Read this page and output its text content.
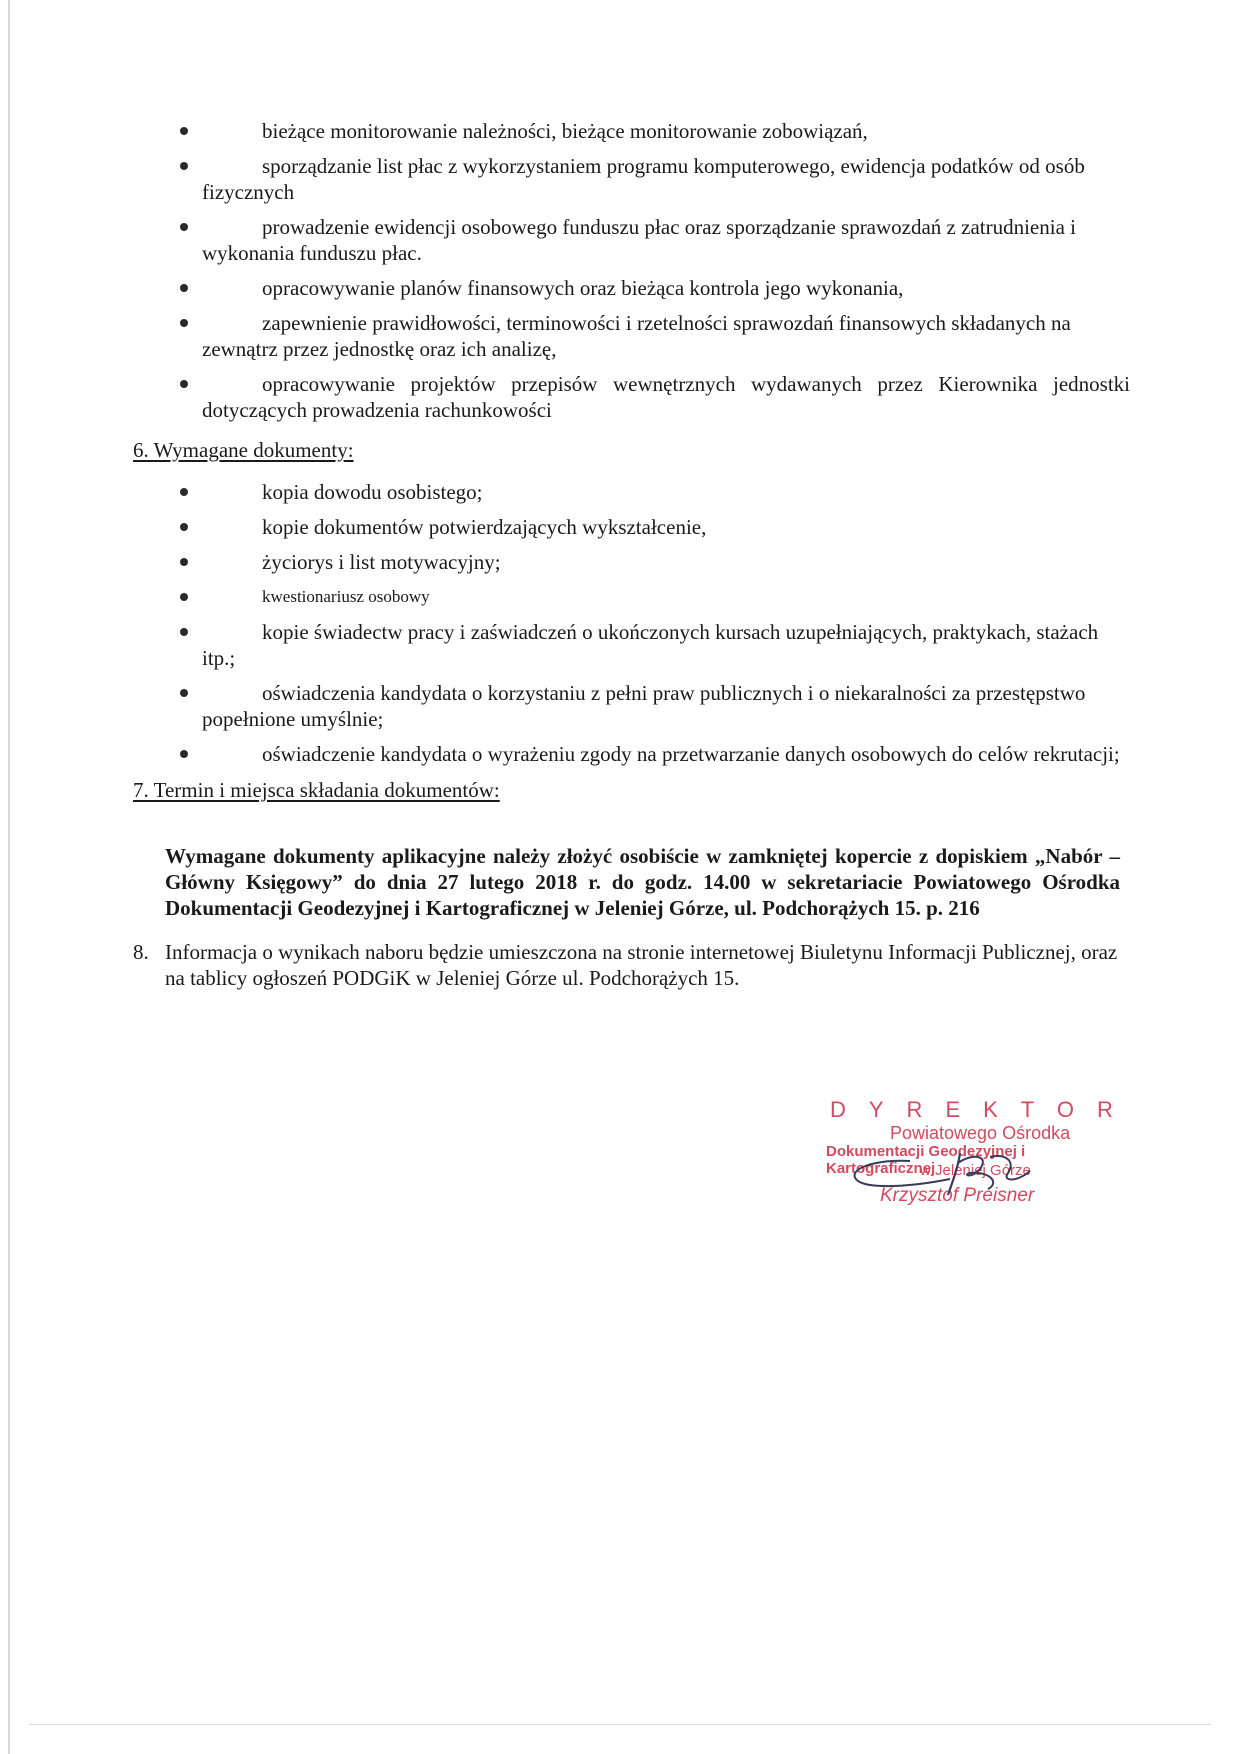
bieżące monitorowanie należności, bieżące monitorowanie zobowiązań,
sporządzanie list płac z wykorzystaniem programu komputerowego, ewidencja podatków od osób fizycznych
prowadzenie ewidencji osobowego funduszu płac oraz sporządzanie sprawozdań z zatrudnienia i wykonania funduszu płac.
opracowywanie planów finansowych oraz bieżąca kontrola jego wykonania,
zapewnienie prawidłowości, terminowości i rzetelności sprawozdań finansowych składanych na zewnątrz przez jednostkę oraz ich analizę,
opracowywanie projektów przepisów wewnętrznych wydawanych przez Kierownika jednostki dotyczących prowadzenia rachunkowości
6. Wymagane dokumenty:
kopia dowodu osobistego;
kopie dokumentów potwierdzających wykształcenie,
życiorys i list motywacyjny;
kwestionariusz osobowy
kopie świadectw pracy i zaświadczeń o ukończonych kursach uzupełniających, praktykach, stażach itp.;
oświadczenia kandydata o korzystaniu z pełni praw publicznych i o niekaralności za przestępstwo popełnione umyślnie;
oświadczenie kandydata o wyrażeniu zgody na przetwarzanie danych osobowych do celów rekrutacji;
7. Termin i miejsca składania dokumentów:
Wymagane dokumenty aplikacyjne należy złożyć osobiście w zamkniętej kopercie z dopiskiem „Nabór – Główny Księgowy” do dnia 27 lutego 2018 r. do godz. 14.00 w sekretariacie Powiatowego Ośrodka Dokumentacji Geodezyjnej i Kartograficznej w Jeleniej Górze, ul. Podchorążych 15. p. 216
8. Informacja o wynikach naboru będzie umieszczona na stronie internetowej Biuletynu Informacji Publicznej, oraz na tablicy ogłoszeń PODGiK w Jeleniej Górze ul. Podchorążych 15.
DYREKTOR
Powiatowego Ośrodka
Dokumentacji Geodezyjnej i Kartograficznej
w Jeleniej Górze
Krzysztof Preisner
